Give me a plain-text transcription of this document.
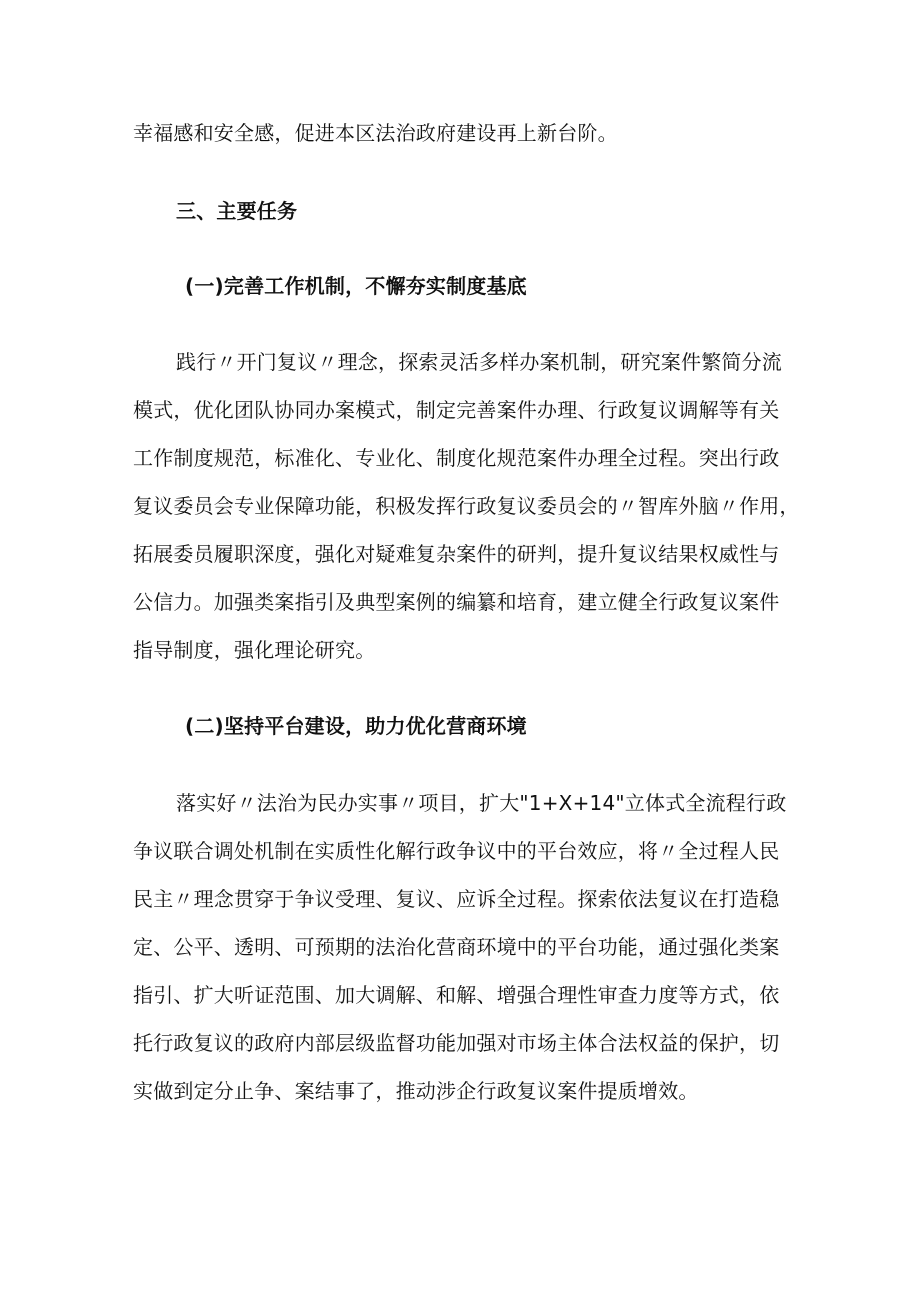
幸福感和安全感，促进本区法治政府建设再上新台阶。
三、主要任务
(一)完善工作机制，不懈夯实制度基底
践行〃开门复议〃理念，探索灵活多样办案机制，研究案件繁简分流
模式，优化团队协同办案模式，制定完善案件办理、行政复议调解等有关
工作制度规范，标准化、专业化、制度化规范案件办理全过程。突出行政
复议委员会专业保障功能，积极发挥行政复议委员会的〃智库外脑〃作用，
拓展委员履职深度，强化对疑难复杂案件的研判，提升复议结果权威性与
公信力。加强类案指引及典型案例的编纂和培育，建立健全行政复议案件
指导制度，强化理论研究。
(二)坚持平台建设，助力优化营商环境
落实好〃法治为民办实事〃项目，扩大"1+X+14"立体式全流程行政
争议联合调处机制在实质性化解行政争议中的平台效应，将〃全过程人民
民主〃理念贯穿于争议受理、复议、应诉全过程。探索依法复议在打造稳
定、公平、透明、可预期的法治化营商环境中的平台功能，通过强化类案
指引、扩大听证范围、加大调解、和解、增强合理性审查力度等方式，依
托行政复议的政府内部层级监督功能加强对市场主体合法权益的保护，切
实做到定分止争、案结事了，推动涉企行政复议案件提质增效。
